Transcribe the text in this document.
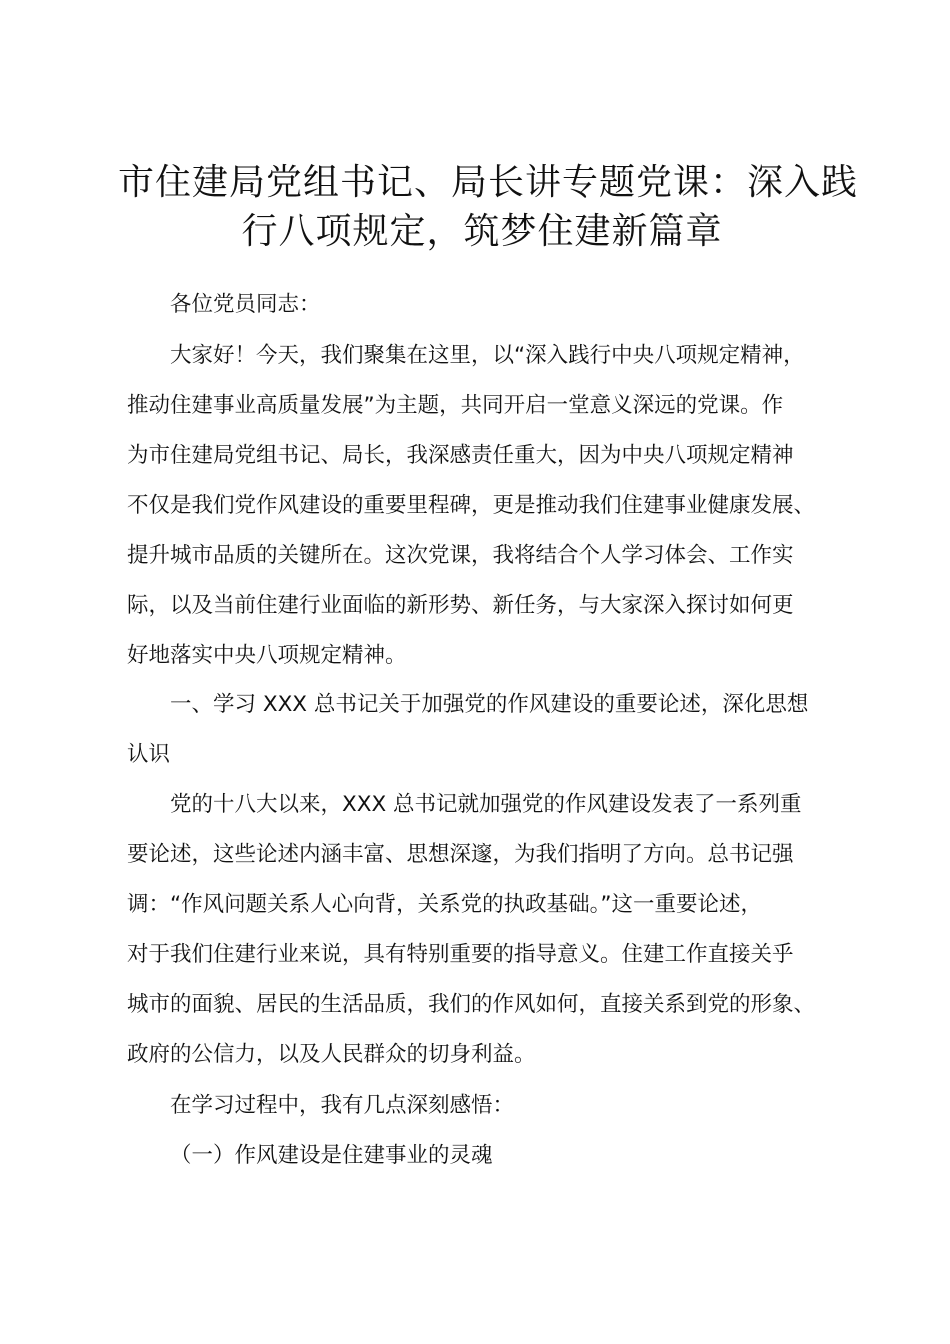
市住建局党组书记、局长讲专题党课：深入践
行八项规定，筑梦住建新篇章

各位党员同志：

大家好！今天，我们聚集在这里，以“深入践行中央八项规定精神，
推动住建事业高质量发展”为主题，共同开启一堂意义深远的党课。作
为市住建局党组书记、局长，我深感责任重大，因为中央八项规定精神
不仅是我们党作风建设的重要里程碑，更是推动我们住建事业健康发展、
提升城市品质的关键所在。这次党课，我将结合个人学习体会、工作实
际，以及当前住建行业面临的新形势、新任务，与大家深入探讨如何更
好地落实中央八项规定精神。
一、学习 XXX 总书记关于加强党的作风建设的重要论述，深化思想
认识
党的十八大以来，XXX 总书记就加强党的作风建设发表了一系列重
要论述，这些论述内涵丰富、思想深邃，为我们指明了方向。总书记强
调：“作风问题关系人心向背，关系党的执政基础。”这一重要论述，
对于我们住建行业来说，具有特别重要的指导意义。住建工作直接关乎
城市的面貌、居民的生活品质，我们的作风如何，直接关系到党的形象、
政府的公信力，以及人民群众的切身利益。

在学习过程中，我有几点深刻感悟：

（一）作风建设是住建事业的灵魂
